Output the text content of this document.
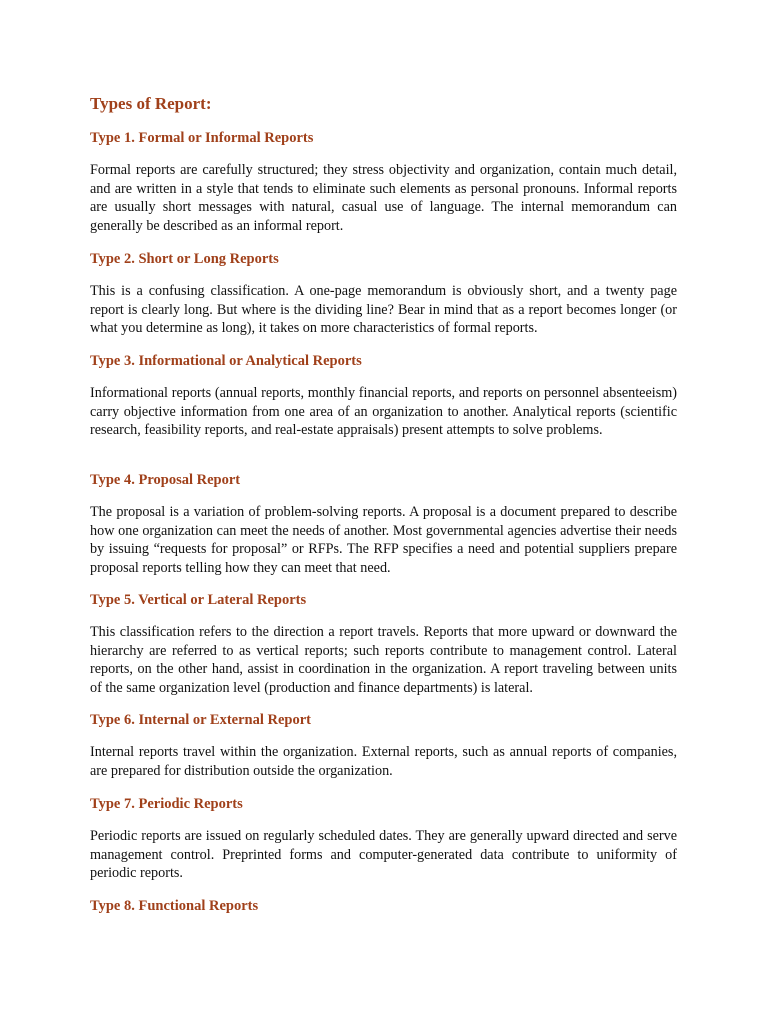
Types of Report:
Type 1. Formal or Informal Reports

Formal reports are carefully structured; they stress objectivity and organization, contain much detail, and are written in a style that tends to eliminate such elements as personal pronouns. Informal reports are usually short messages with natural, casual use of language. The internal memorandum can generally be described as an informal report.

Type 2. Short or Long Reports

This is a confusing classification. A one-page memorandum is obviously short, and a twenty page report is clearly long. But where is the dividing line? Bear in mind that as a report becomes longer (or what you determine as long), it takes on more characteristics of formal reports.

Type 3. Informational or Analytical Reports

Informational reports (annual reports, monthly financial reports, and reports on personnel absenteeism) carry objective information from one area of an organization to another. Analytical reports (scientific research, feasibility reports, and real-estate appraisals) present attempts to solve problems.

Type 4. Proposal Report

The proposal is a variation of problem-solving reports. A proposal is a document prepared to describe how one organization can meet the needs of another. Most governmental agencies advertise their needs by issuing “requests for proposal” or RFPs. The RFP specifies a need and potential suppliers prepare proposal reports telling how they can meet that need.

Type 5. Vertical or Lateral Reports

This classification refers to the direction a report travels. Reports that more upward or downward the hierarchy are referred to as vertical reports; such reports contribute to management control. Lateral reports, on the other hand, assist in coordination in the organization. A report traveling between units of the same organization level (production and finance departments) is lateral.

Type 6. Internal or External Report

Internal reports travel within the organization. External reports, such as annual reports of companies, are prepared for distribution outside the organization.

Type 7. Periodic Reports

Periodic reports are issued on regularly scheduled dates. They are generally upward directed and serve management control. Preprinted forms and computer-generated data contribute to uniformity of periodic reports.

Type 8. Functional Reports
